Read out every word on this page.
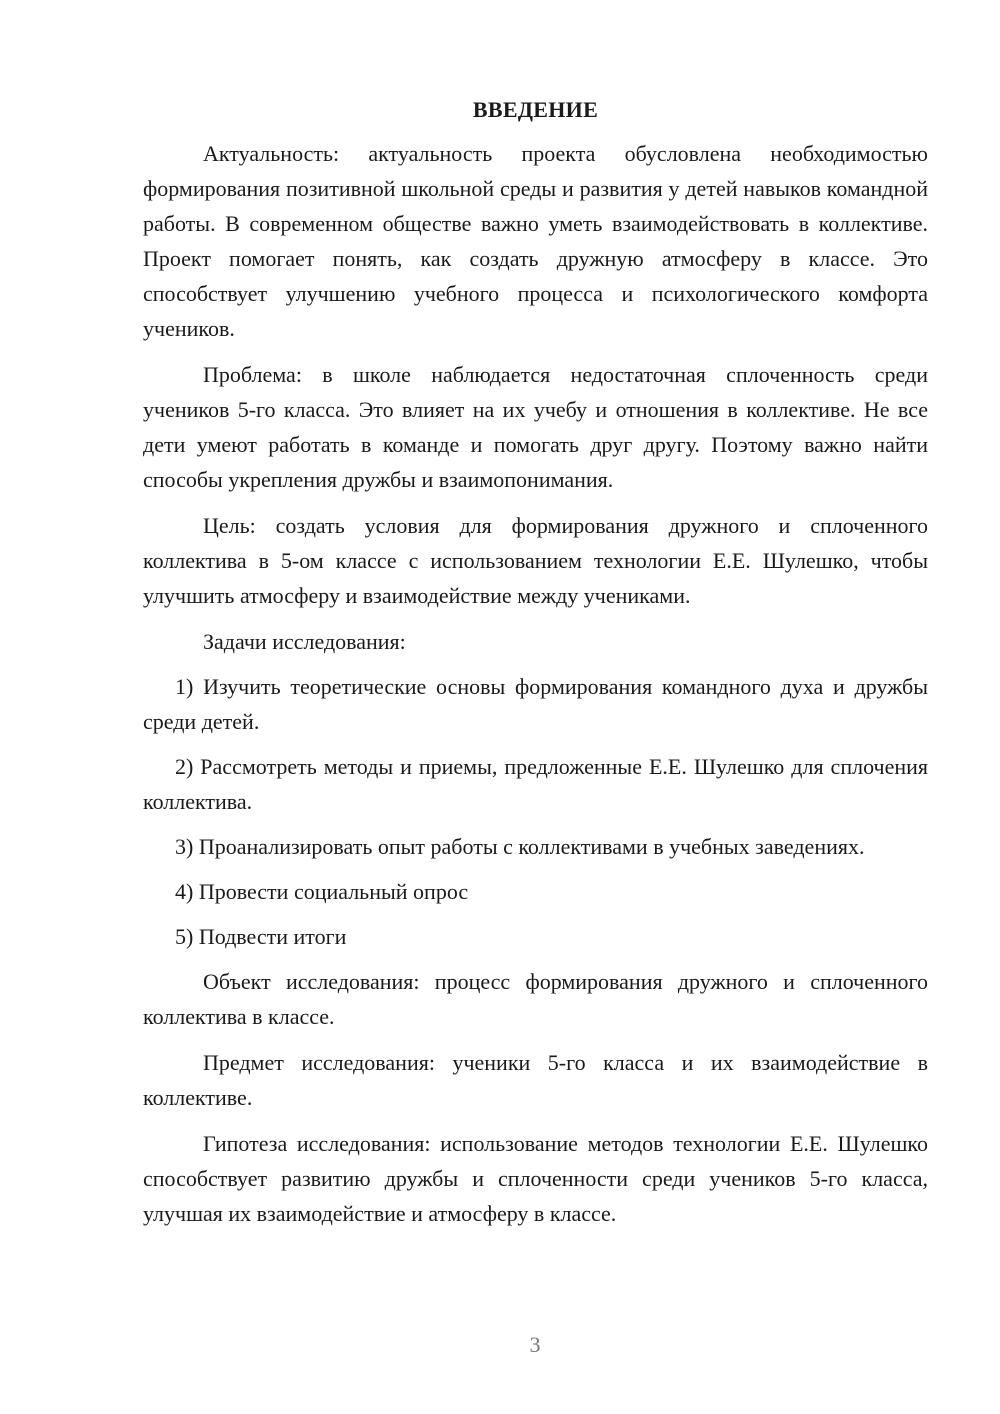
ВВЕДЕНИЕ

Актуальность: актуальность проекта обусловлена необходимостью формирования позитивной школьной среды и развития у детей навыков командной работы. В современном обществе важно уметь взаимодействовать в коллективе. Проект помогает понять, как создать дружную атмосферу в классе. Это способствует улучшению учебного процесса и психологического комфорта учеников.

Проблема: в школе наблюдается недостаточная сплоченность среди учеников 5-го класса. Это влияет на их учебу и отношения в коллективе. Не все дети умеют работать в команде и помогать друг другу. Поэтому важно найти способы укрепления дружбы и взаимопонимания.

Цель: создать условия для формирования дружного и сплоченного коллектива в 5-ом классе с использованием технологии Е.Е. Шулешко, чтобы улучшить атмосферу и взаимодействие между учениками.

Задачи исследования:

1) Изучить теоретические основы формирования командного духа и дружбы среди детей.

2) Рассмотреть методы и приемы, предложенные Е.Е. Шулешко для сплочения коллектива.

3) Проанализировать опыт работы с коллективами в учебных заведениях.

4) Провести социальный опрос

5) Подвести итоги

Объект исследования: процесс формирования дружного и сплоченного коллектива в классе.

Предмет исследования: ученики 5-го класса и их взаимодействие в коллективе.

Гипотеза исследования: использование методов технологии Е.Е. Шулешко способствует развитию дружбы и сплоченности среди учеников 5-го класса, улучшая их взаимодействие и атмосферу в классе.

3
